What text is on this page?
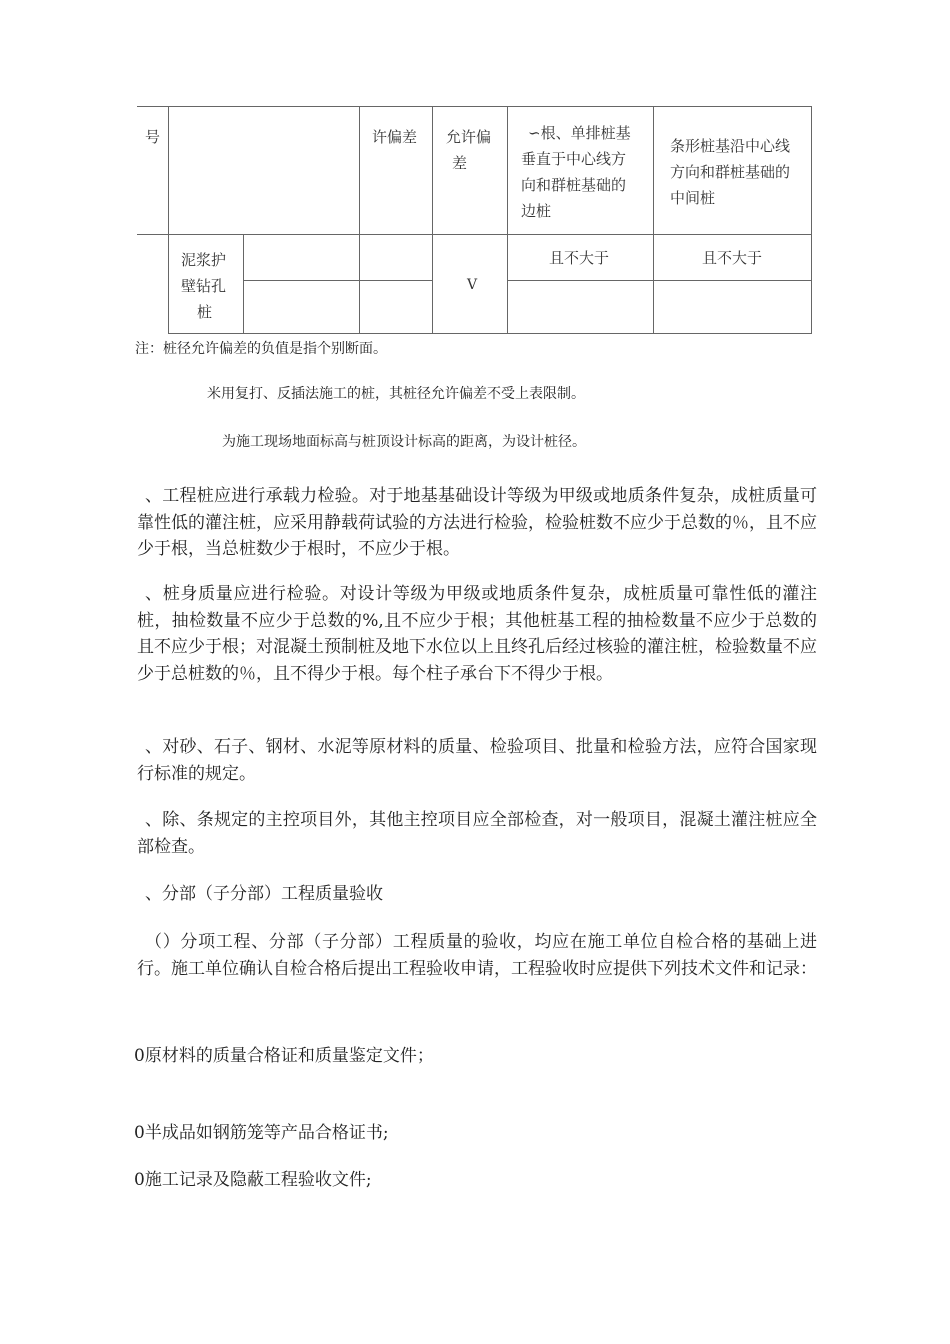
号	许偏差 允许偏
差
∽根、单排桩基
垂直于中心线方
向和群桩基础的
边桩
条形桩基沿中心线
方向和群桩基础的
中间桩
泥浆护
壁钻孔
桩
V
且不大于	且不大于
注：桩径允许偏差的负值是指个别断面。
米用复打、反插法施工的桩，其桩径允许偏差不受上表限制。
为施工现场地面标高与桩顶设计标高的距离，为设计桩径。
、工程桩应进行承载力检验。对于地基基础设计等级为甲级或地质条件复杂，成桩质量可靠性低的灌注桩，应采用静载荷试验的方法进行检验，检验桩数不应少于总数的％，且不应少于根，当总桩数少于根时，不应少于根。
、桩身质量应进行检验。对设计等级为甲级或地质条件复杂，成桩质量可靠性低的灌注桩，抽检数量不应少于总数的%,且不应少于根；其他桩基工程的抽检数量不应少于总数的且不应少于根；对混凝土预制桩及地下水位以上且终孔后经过核验的灌注桩，检验数量不应少于总桩数的％，且不得少于根。每个柱子承台下不得少于根。
、对砂、石子、钢材、水泥等原材料的质量、检验项目、批量和检验方法，应符合国家现行标准的规定。
、除、条规定的主控项目外，其他主控项目应全部检查，对一般项目，混凝土灌注桩应全部检查。
、分部（子分部）工程质量验收
（）分项工程、分部（子分部）工程质量的验收，均应在施工单位自检合格的基础上进行。施工单位确认自检合格后提出工程验收申请，工程验收时应提供下列技术文件和记录：
0原材料的质量合格证和质量鉴定文件；
0半成品如钢筋笼等产品合格证书;
0施工记录及隐蔽工程验收文件;
